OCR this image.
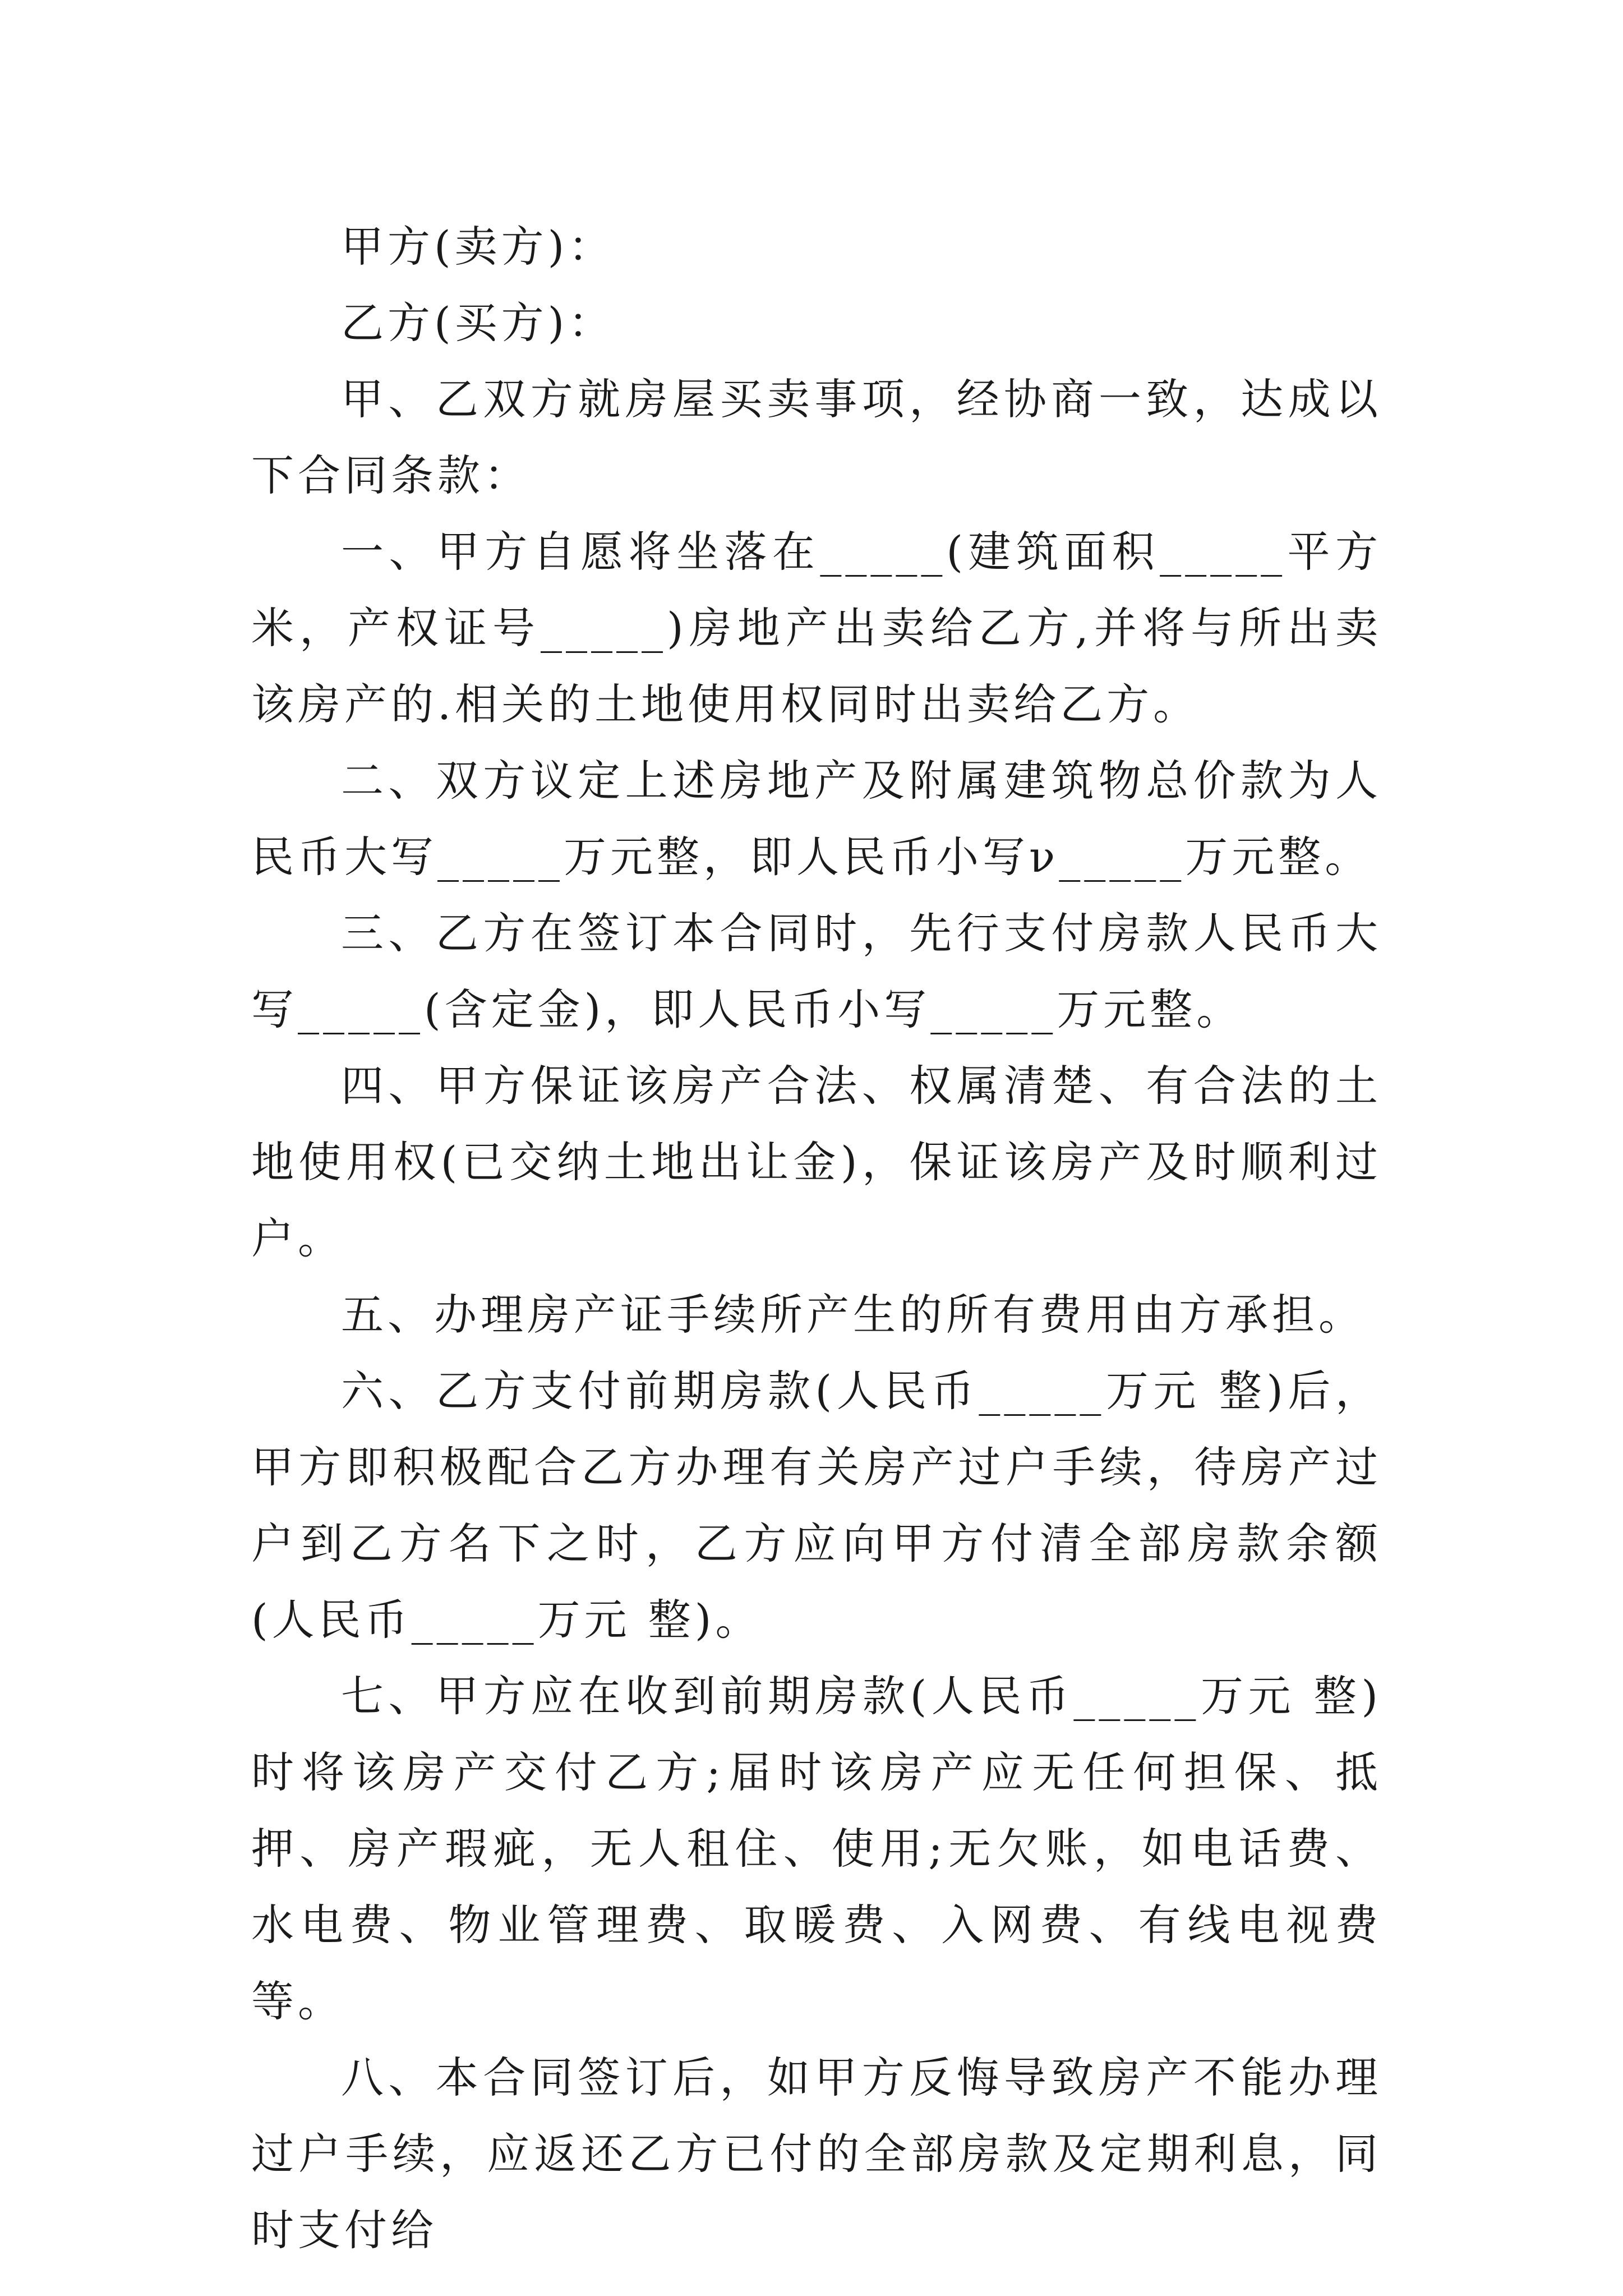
甲方(卖方)：

乙方(买方)：

甲、乙双方就房屋买卖事项，经协商一致，达成以下合同条款：

一、甲方自愿将坐落在_____(建筑面积_____平方米，产权证号_____)房地产出卖给乙方,并将与所出卖该房产的.相关的土地使用权同时出卖给乙方。

二、双方议定上述房地产及附属建筑物总价款为人民币大写_____万元整，即人民币小写ν_____万元整。

三、乙方在签订本合同时，先行支付房款人民币大写_____(含定金)，即人民币小写_____万元整。

四、甲方保证该房产合法、权属清楚、有合法的土地使用权(已交纳土地出让金)，保证该房产及时顺利过户。

五、办理房产证手续所产生的所有费用由方承担。

六、乙方支付前期房款(人民币_____万元 整)后，甲方即积极配合乙方办理有关房产过户手续，待房产过户到乙方名下之时，乙方应向甲方付清全部房款余额(人民币_____万元 整)。

七、甲方应在收到前期房款(人民币_____万元 整)时将该房产交付乙方;届时该房产应无任何担保、抵押、房产瑕疵，无人租住、使用;无欠账，如电话费、水电费、物业管理费、取暖费、入网费、有线电视费等。

八、本合同签订后，如甲方反悔导致房产不能办理过户手续，应返还乙方已付的全部房款及定期利息，同时支付给
